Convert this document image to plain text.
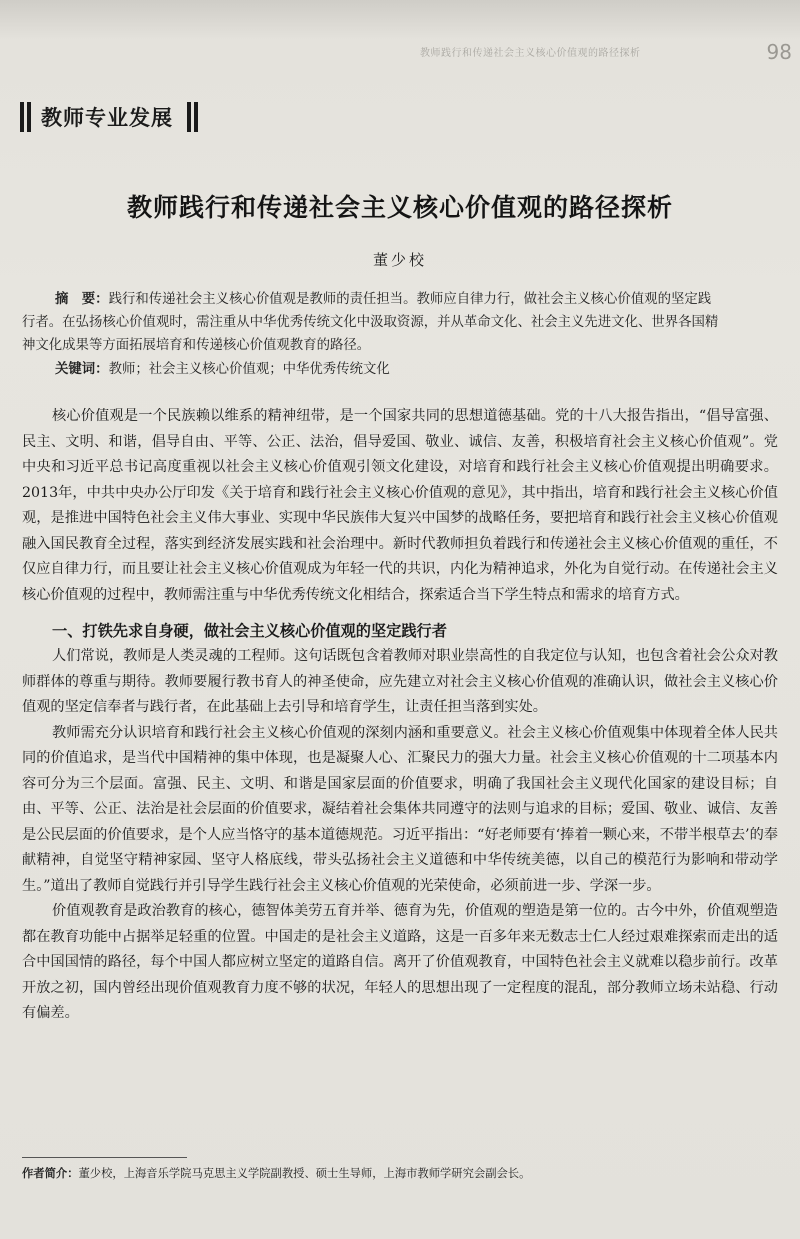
教师践行和传递社会主义核心价值观的路径探析	98
教师专业发展
教师践行和传递社会主义核心价值观的路径探析
董少校

摘　要：践行和传递社会主义核心价值观是教师的责任担当。教师应自律力行，做社会主义核心价值观的坚定践行者。在弘扬核心价值观时，需注重从中华优秀传统文化中汲取资源，并从革命文化、社会主义先进文化、世界各国精神文化成果等方面拓展培育和传递核心价值观教育的路径。

关键词：教师；社会主义核心价值观；中华优秀传统文化

核心价值观是一个民族赖以维系的精神纽带，是一个国家共同的思想道德基础。党的十八大报告指出，“倡导富强、民主、文明、和谐，倡导自由、平等、公正、法治，倡导爱国、敬业、诚信、友善，积极培育社会主义核心价值观”。党中央和习近平总书记高度重视以社会主义核心价值观引领文化建设，对培育和践行社会主义核心价值观提出明确要求。2013年，中共中央办公厅印发《关于培育和践行社会主义核心价值观的意见》，其中指出，培育和践行社会主义核心价值观，是推进中国特色社会主义伟大事业、实现中华民族伟大复兴中国梦的战略任务，要把培育和践行社会主义核心价值观融入国民教育全过程，落实到经济发展实践和社会治理中。新时代教师担负着践行和传递社会主义核心价值观的重任，不仅应自律力行，而且要让社会主义核心价值观成为年轻一代的共识，内化为精神追求，外化为自觉行动。在传递社会主义核心价值观的过程中，教师需注重与中华优秀传统文化相结合，探索适合当下学生特点和需求的培育方式。

一、打铁先求自身硬，做社会主义核心价值观的坚定践行者

人们常说，教师是人类灵魂的工程师。这句话既包含着教师对职业崇高性的自我定位与认知，也包含着社会公众对教师群体的尊重与期待。教师要履行教书育人的神圣使命，应先建立对社会主义核心价值观的准确认识，做社会主义核心价值观的坚定信奉者与践行者，在此基础上去引导和培育学生，让责任担当落到实处。

教师需充分认识培育和践行社会主义核心价值观的深刻内涵和重要意义。社会主义核心价值观集中体现着全体人民共同的价值追求，是当代中国精神的集中体现，也是凝聚人心、汇聚民力的强大力量。社会主义核心价值观的十二项基本内容可分为三个层面。富强、民主、文明、和谐是国家层面的价值要求，明确了我国社会主义现代化国家的建设目标；自由、平等、公正、法治是社会层面的价值要求，凝结着社会集体共同遵守的法则与追求的目标；爱国、敬业、诚信、友善是公民层面的价值要求，是个人应当恪守的基本道德规范。习近平指出：“好老师要有‘捧着一颗心来，不带半根草去’的奉献精神，自觉坚守精神家园、坚守人格底线，带头弘扬社会主义道德和中华传统美德，以自己的模范行为影响和带动学生。”道出了教师自觉践行并引导学生践行社会主义核心价值观的光荣使命，必须前进一步、学深一步。

价值观教育是政治教育的核心，德智体美劳五育并举、德育为先，价值观的塑造是第一位的。古今中外，价值观塑造都在教育功能中占据举足轻重的位置。中国走的是社会主义道路，这是一百多年来无数志士仁人经过艰难探索而走出的适合中国国情的路径，每个中国人都应树立坚定的道路自信。离开了价值观教育，中国特色社会主义就难以稳步前行。改革开放之初，国内曾经出现价值观教育力度不够的状况，年轻人的思想出现了一定程度的混乱，部分教师立场未站稳、行动有偏差。

作者简介：董少校，上海音乐学院马克思主义学院副教授、硕士生导师，上海市教师学研究会副会长。
